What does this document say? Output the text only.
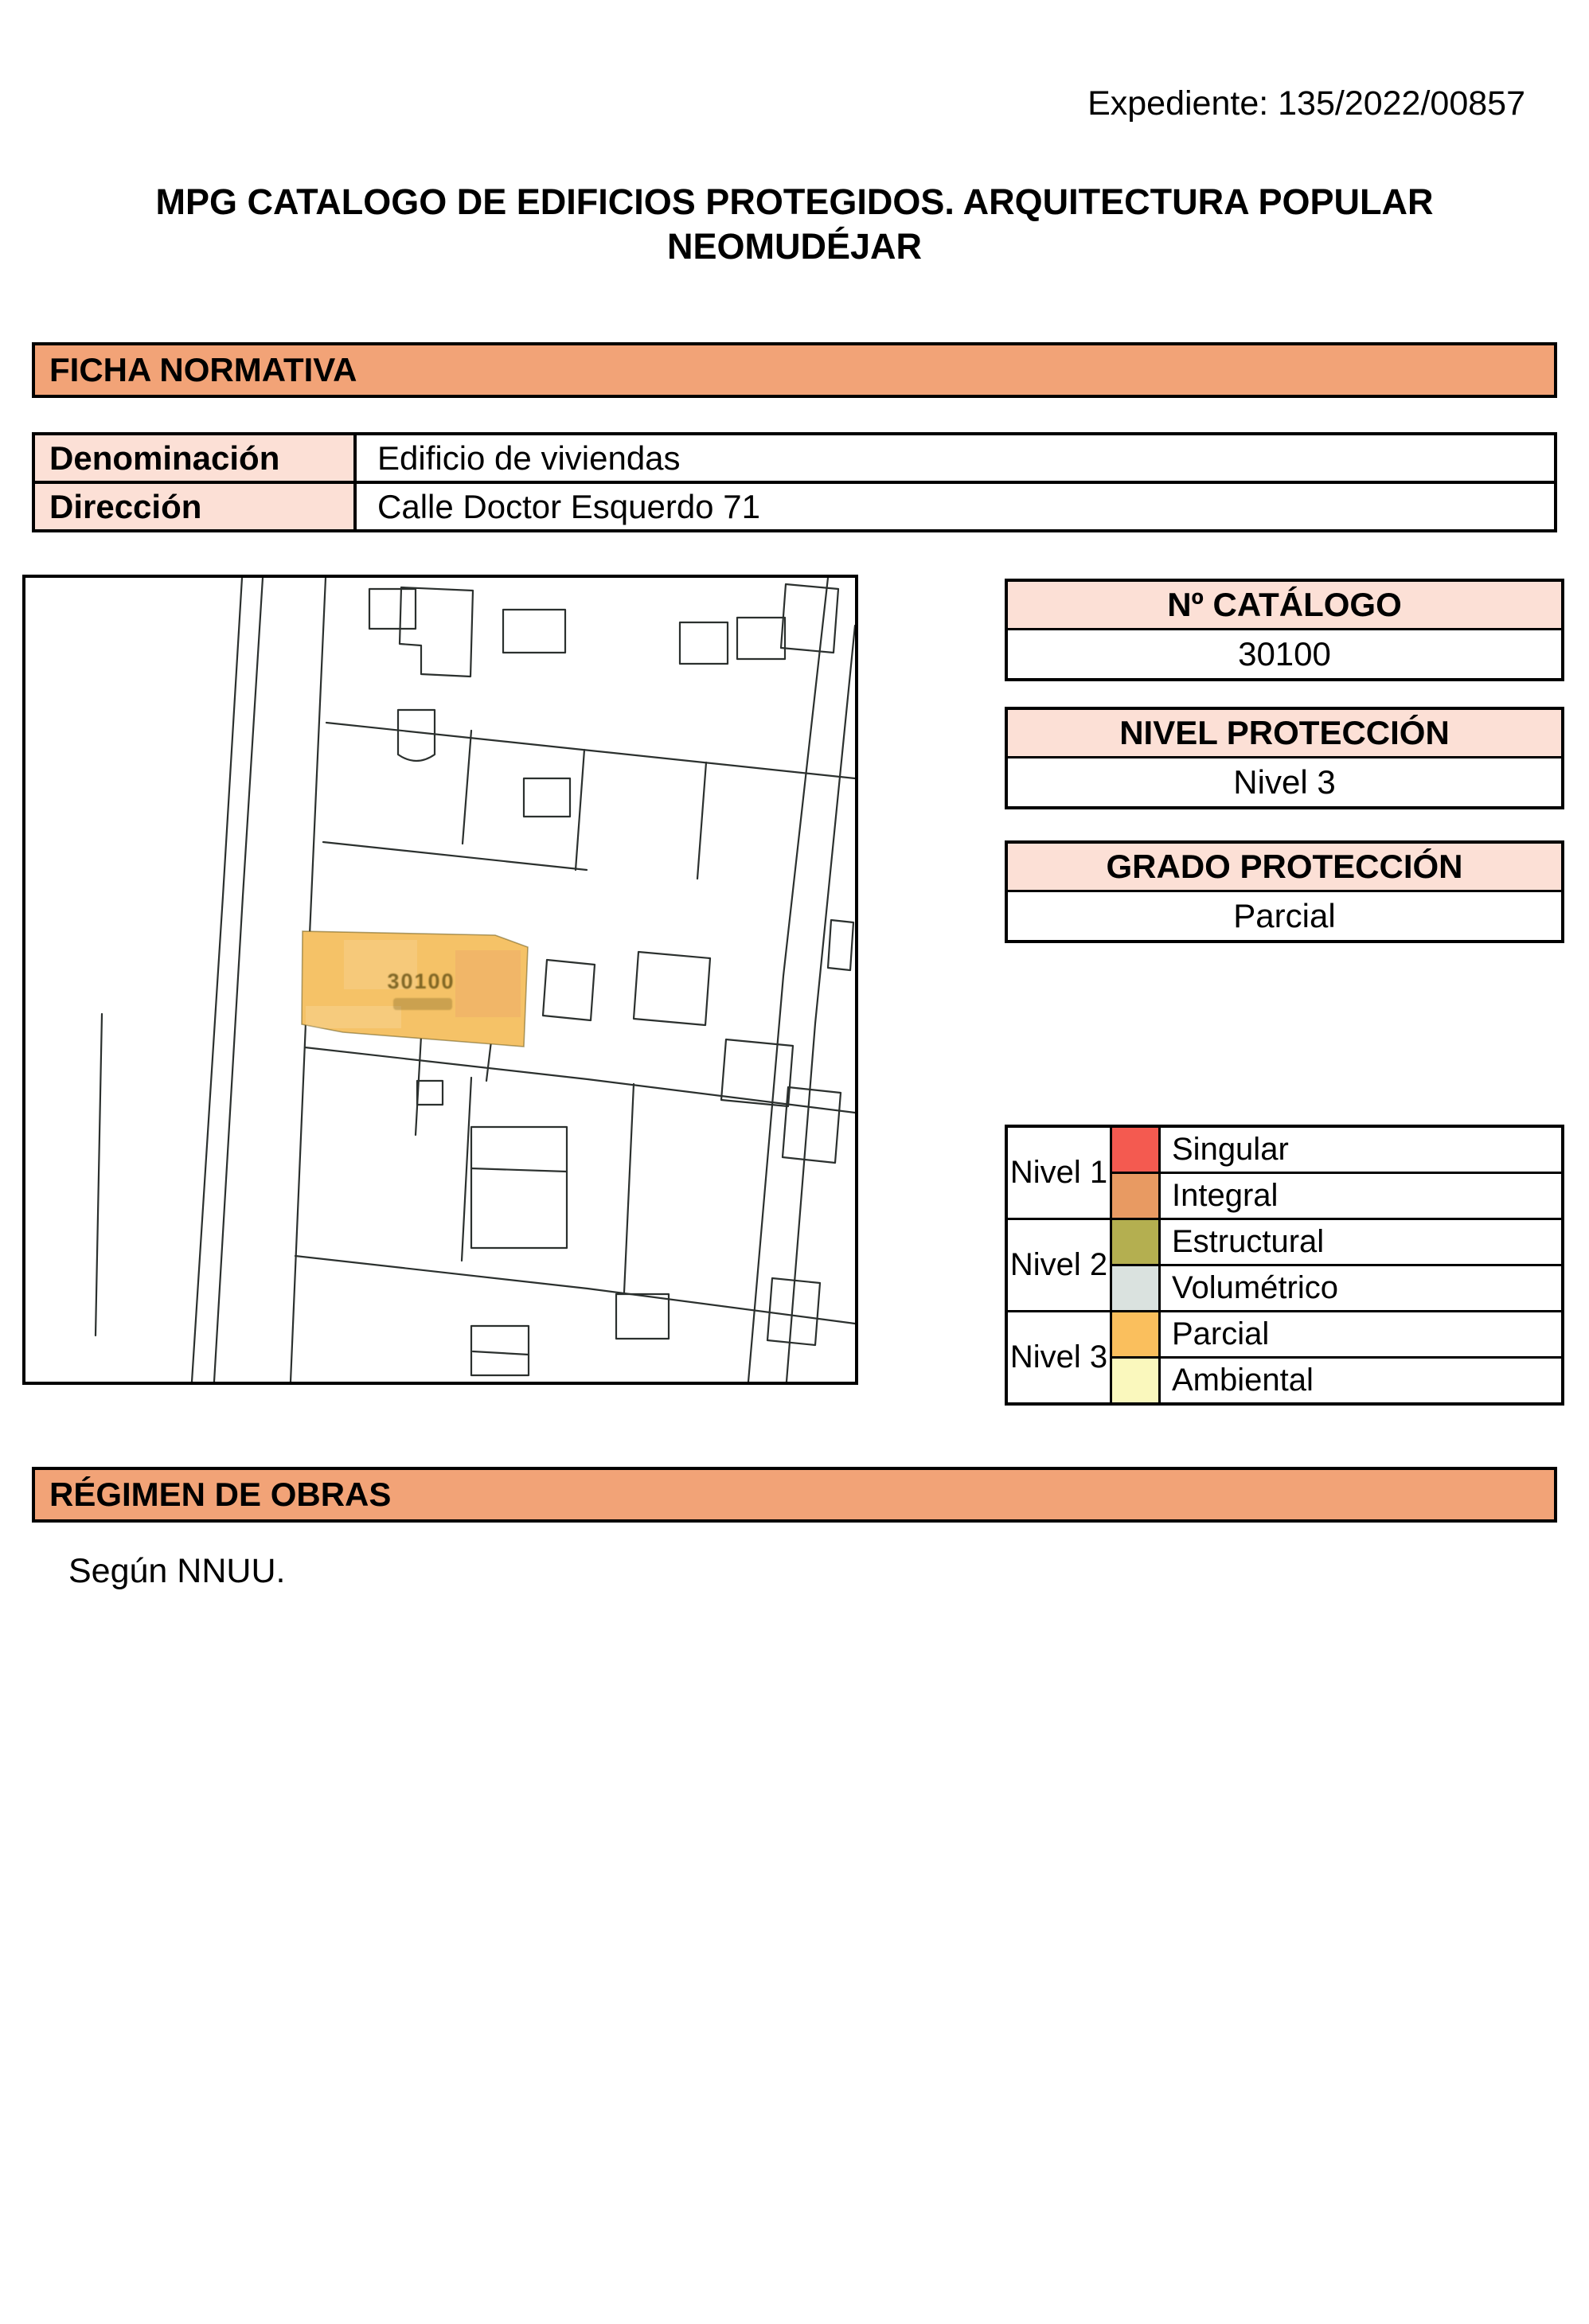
Expediente: 135/2022/00857
MPG CATALOGO DE EDIFICIOS PROTEGIDOS. ARQUITECTURA POPULAR
NEOMUDÉJAR
FICHA NORMATIVA
Denominación	Edificio de viviendas
Dirección	Calle Doctor Esquerdo 71
30100
Nº CATÁLOGO
30100
NIVEL PROTECCIÓN
Nivel 3
GRADO PROTECCIÓN
Parcial
Nivel 1
Nivel 2
Nivel 3
Singular
Integral
Estructural
Volumétrico
Parcial
Ambiental
RÉGIMEN DE OBRAS
Según NNUU.
